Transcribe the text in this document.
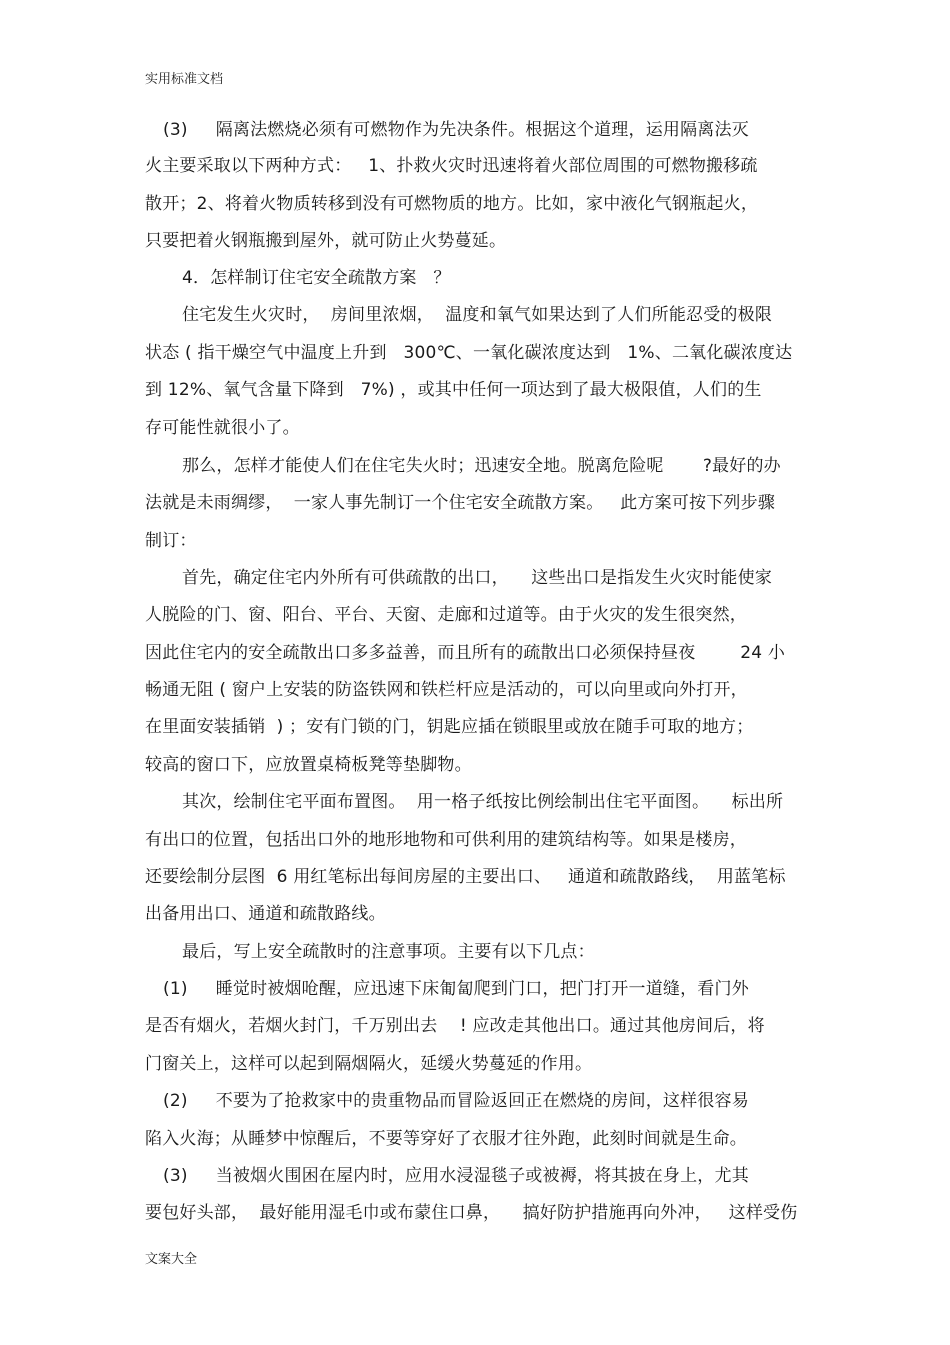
实用标准文档
(3)     隔离法燃烧必须有可燃物作为先决条件。根据这个道理，运用隔离法灭
火主要采取以下两种方式：   1、扑救火灾时迅速将着火部位周围的可燃物搬移疏
散开；2、将着火物质转移到没有可燃物质的地方。比如，家中液化气钢瓶起火，
只要把着火钢瓶搬到屋外，就可防止火势蔓延。
4．怎样制订住宅安全疏散方案   ？
住宅发生火灾时，  房间里浓烟，  温度和氧气如果达到了人们所能忍受的极限
状态 ( 指干燥空气中温度上升到   300℃、一氧化碳浓度达到   1%、二氧化碳浓度达
到 12%、氧气含量下降到   7%) ，或其中任何一项达到了最大极限值，人们的生
存可能性就很小了。
那么，怎样才能使人们在住宅失火时；迅速安全地。脱离危险呢       ?最好的办
法就是未雨绸缪，  一家人事先制订一个住宅安全疏散方案。   此方案可按下列步骤
制订：
首先，确定住宅内外所有可供疏散的出口，    这些出口是指发生火灾时能使家
人脱险的门、窗、阳台、平台、天窗、走廊和过道等。由于火灾的发生很突然，
因此住宅内的安全疏散出口多多益善，而且所有的疏散出口必须保持昼夜        24 小
畅通无阻 ( 窗户上安装的防盗铁网和铁栏杆应是活动的，可以向里或向外打开，
在里面安装插销  ) ；安有门锁的门，钥匙应插在锁眼里或放在随手可取的地方；
较高的窗口下，应放置桌椅板凳等垫脚物。
其次，绘制住宅平面布置图。  用一格子纸按比例绘制出住宅平面图。    标出所
有出口的位置，包括出口外的地形地物和可供利用的建筑结构等。如果是楼房，
还要绘制分层图  6 用红笔标出每间房屋的主要出口、   通道和疏散路线，  用蓝笔标
出备用出口、通道和疏散路线。
最后，写上安全疏散时的注意事项。主要有以下几点：
(1)     睡觉时被烟呛醒，应迅速下床匍匐爬到门口，把门打开一道缝，看门外
是否有烟火，若烟火封门，千万别出去    ! 应改走其他出口。通过其他房间后，将
门窗关上，这样可以起到隔烟隔火，延缓火势蔓延的作用。
(2)     不要为了抢救家中的贵重物品而冒险返回正在燃烧的房间，这样很容易
陷入火海；从睡梦中惊醒后，不要等穿好了衣服才往外跑，此刻时间就是生命。
(3)     当被烟火围困在屋内时，应用水浸湿毯子或被褥，将其披在身上，尤其
要包好头部，  最好能用湿毛巾或布蒙住口鼻，    搞好防护措施再向外冲，   这样受伤
文案大全
